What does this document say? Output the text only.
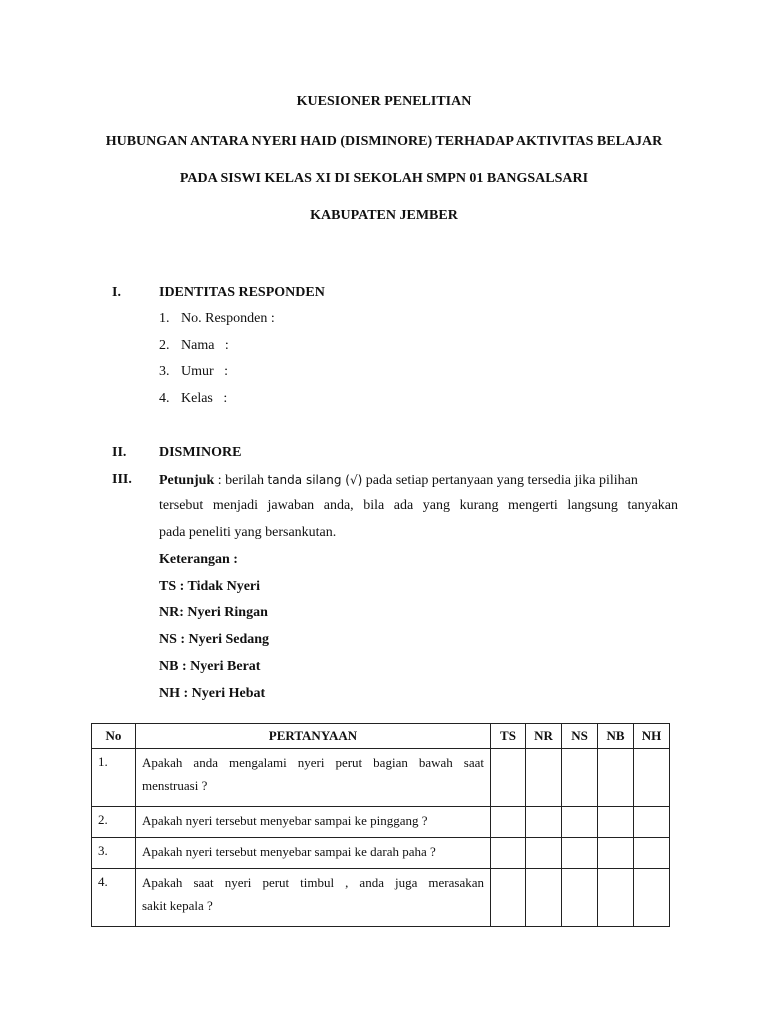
KUESIONER PENELITIAN
HUBUNGAN ANTARA NYERI HAID (DISMINORE) TERHADAP AKTIVITAS BELAJAR
PADA SISWI KELAS XI DI SEKOLAH SMPN 01 BANGSALSARI
KABUPATEN JEMBER
I.	IDENTITAS RESPONDEN
1. No. Responden :
2. Nama   :
3. Umur   :
4. Kelas   :
II. DISMINORE
III. Petunjuk : berilah tanda silang (√) pada setiap pertanyaan yang tersedia jika pilihan
tersebut menjadi jawaban anda, bila ada yang kurang mengerti langsung tanyakan
pada peneliti yang bersankutan.
Keterangan :
TS : Tidak Nyeri
NR: Nyeri Ringan
NS : Nyeri Sedang
NB : Nyeri Berat
NH : Nyeri Hebat
No	PERTANYAAN	TS	NR	NS	NB	NH
1.	Apakah anda mengalami nyeri perut bagian bawah saat
menstruasi ?					

2.	Apakah nyeri tersebut menyebar sampai ke pinggang ?					

3.	Apakah nyeri tersebut menyebar sampai ke darah paha ?					

4.	Apakah saat nyeri perut timbul , anda juga merasakan
sakit kepala ?					
